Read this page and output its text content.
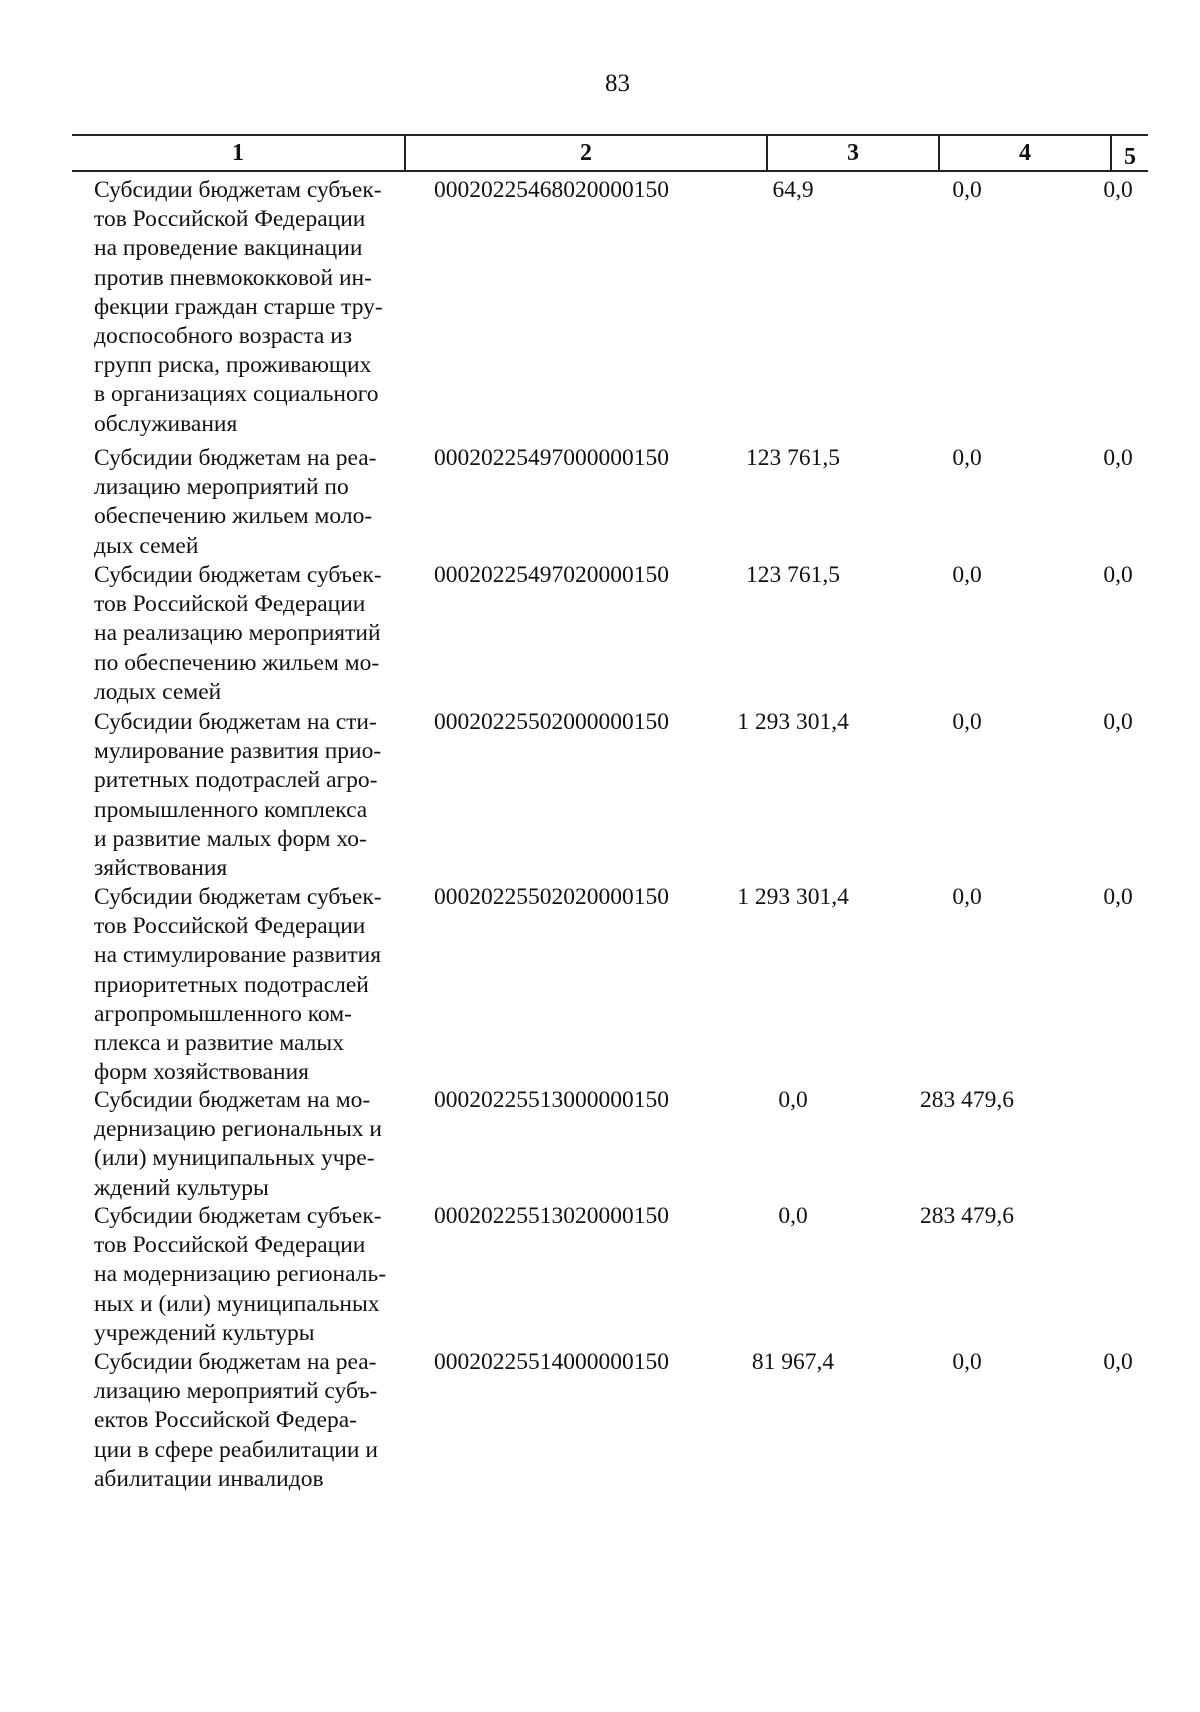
83
1	2	3	4	5
Субсидии бюджетам субъек-
тов Российской Федерации
на проведение вакцинации
против пневмококковой ин-
фекции граждан старше тру-
доспособного возраста из
групп риска, проживающих
в организациях социального
обслуживания
00020225468020000150	64,9	0,0	0,0
Субсидии бюджетам на реа-
лизацию мероприятий по
обеспечению жильем моло-
дых семей
00020225497000000150	123 761,5	0,0	0,0
Субсидии бюджетам субъек-
тов Российской Федерации
на реализацию мероприятий
по обеспечению жильем мо-
лодых семей
00020225497020000150	123 761,5	0,0	0,0
Субсидии бюджетам на сти-
мулирование развития прио-
ритетных подотраслей агро-
промышленного комплекса
и развитие малых форм хо-
зяйствования
00020225502000000150	1 293 301,4	0,0	0,0
Субсидии бюджетам субъек-
тов Российской Федерации
на стимулирование развития
приоритетных подотраслей
агропромышленного ком-
плекса и развитие малых
форм хозяйствования
00020225502020000150	1 293 301,4	0,0	0,0
Субсидии бюджетам на мо-
дернизацию региональных и
(или) муниципальных учре-
ждений культуры
00020225513000000150	0,0	283 479,6
Субсидии бюджетам субъек-
тов Российской Федерации
на модернизацию региональ-
ных и (или) муниципальных
учреждений культуры
00020225513020000150	0,0	283 479,6
Субсидии бюджетам на реа-
лизацию мероприятий субъ-
ектов Российской Федера-
ции в сфере реабилитации и
абилитации инвалидов
00020225514000000150	81 967,4	0,0	0,0
